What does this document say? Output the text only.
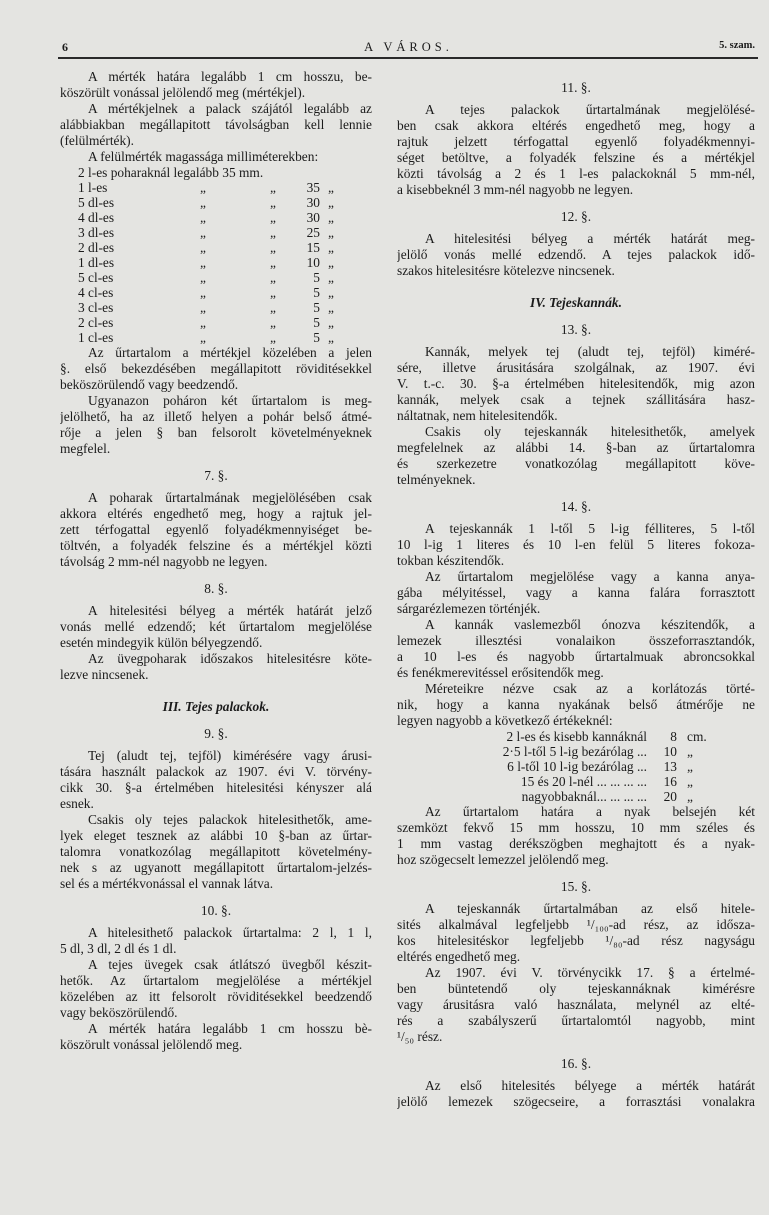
6	A VÁROS.	5. szam.
A mérték határa legalább 1 cm hosszu, be-
köszörült vonással jelölendő meg (mértékjel).
A mértékjelnek a palack szájától legalább az
alábbiakban megállapitott távolságban kell lennie
(felülmérték).
A felülmérték magassága milliméterekben:
2 l-es poharaknál legalább 35 mm.
1 l-es	„	„	35 „
5 dl-es	„	„	30 „
4 dl-es	„	„	30 „
3 dl-es	„	„	25 „
2 dl-es	„	„	15 „
1 dl-es	„	„	10 „
5 cl-es	„	„	5 „
4 cl-es	„	„	5 „
3 cl-es	„	„	5 „
2 cl-es	„	„	5 „
1 cl-es	„	„	5 „
Az űrtartalom a mértékjel közelében a jelen
§. első bekezdésében megállapitott röviditésekkel
beköszörülendő vagy beedzendő.
Ugyanazon poháron két űrtartalom is meg-
jelölhető, ha az illető helyen a pohár belső átmé-
rője a jelen § ban felsorolt követelményeknek
megfelel.
7. §.
A poharak űrtartalmának megjelölésében csak
akkora eltérés engedhető meg, hogy a rajtuk jel-
zett térfogattal egyenlő folyadékmennyiséget be-
töltvén, a folyadék felszine és a mértékjel közti
távolság 2 mm-nél nagyobb ne legyen.
8. §.
A hitelesitési bélyeg a mérték határát jelző
vonás mellé edzendő; két űrtartalom megjelölése
esetén mindegyik külön bélyegzendő.
Az üvegpoharak időszakos hitelesitésre köte-
lezve nincsenek.
III. Tejes palackok.
9. §.
Tej (aludt tej, tejföl) kimérésére vagy árusi-
tására használt palackok az 1907. évi V. törvény-
cikk 30. §-a értelmében hitelesitési kényszer alá
esnek.
Csakis oly tejes palackok hitelesithetők, ame-
lyek eleget tesznek az alábbi 10 §-ban az űrtar-
talomra vonatkozólag megállapitott követelmény-
nek s az ugyanott megállapitott űrtartalom-jelzés-
sel és a mértékvonással el vannak látva.
10. §.
A hitelesithető palackok űrtartalma: 2 l, 1 l,
5 dl, 3 dl, 2 dl és 1 dl.
A tejes üvegek csak átlátszó üvegből készit-
hetők. Az űrtartalom megjelölése a mértékjel
közelében az itt felsorolt röviditésekkel beedzendő
vagy beköszörülendő.
A mérték határa legalább 1 cm hosszu bè-
köszörult vonással jelölendő meg.
11. §.
A tejes palackok űrtartalmának megjelölésé-
ben csak akkora eltérés engedhető meg, hogy a
rajtuk jelzett térfogattal egyenlő folyadékmennyi-
séget betöltve, a folyadék felszine és a mértékjel
közti távolság a 2 és 1 l-es palackoknál 5 mm-nél,
a kisebbeknél 3 mm-nél nagyobb ne legyen.
12. §.
A hitelesitési bélyeg a mérték határát meg-
jelölő vonás mellé edzendő. A tejes palackok idő-
szakos hitelesitésre kötelezve nincsenek.
IV. Tejeskannák.
13. §.
Kannák, melyek tej (aludt tej, tejföl) kiméré-
sére, illetve árusitására szolgálnak, az 1907. évi
V. t.-c. 30. §-a értelmében hitelesitendők, mig azon
kannák, melyek csak a tejnek szállitására hasz-
náltatnak, nem hitelesitendők.
Csakis oly tejeskannák hitelesithetők, amelyek
megfelelnek az alábbi 14. §-ban az űrtartalomra
és szerkezetre vonatkozólag megállapitott köve-
telményeknek.
14. §.
A tejeskannák 1 l-től 5 l-ig félliteres, 5 l-től
10 l-ig 1 literes és 10 l-en felül 5 literes fokoza-
tokban készitendők.
Az űrtartalom megjelölése vagy a kanna anya-
gába mélyitéssel, vagy a kanna falára forrasztott
sárgarézlemezen történjék.
A kannák vaslemezből ónozva készitendők, a
lemezek illesztési vonalaikon összeforrasztandók,
a 10 l-es és nagyobb űrtartalmuak abroncsokkal
és fenékmerevitéssel erősitendők meg.
Méreteikre nézve csak az a korlátozás törté-
nik, hogy a kanna nyakának belső átmérője ne
legyen nagyobb a következő értékeknél:
2 l-es és kisebb kannáknál	8 cm.
2·5 l-től 5 l-ig bezárólag ...	10 „
6 l-től 10 l-ig bezárólag ...	13 „
15 és 20 l-nél ... ... ... ...	16 „
nagyobbaknál... ... ... ...	20 „
Az űrtartalom határa a nyak belsején két
szemközt fekvő 15 mm hosszu, 10 mm széles és
1 mm vastag derékszögben meghajtott és a nyak-
hoz szögecselt lemezzel jelölendő meg.
15. §.
A tejeskannák űrtartalmában az első hitele-
sités alkalmával legfeljebb ¹/₁₀₀-ad rész, az idősza-
kos hitelesitéskor legfeljebb ¹/₈₀-ad rész nagyságu
eltérés engedhető meg.
Az 1907. évi V. törvénycikk 17. § a értelmé-
ben büntetendő oly tejeskannáknak kimérésre
vagy árusitásra való használata, melynél az elté-
rés a szabályszerű űrtartalomtól nagyobb, mint
¹/₅₀ rész.
16. §.
Az első hitelesités bélyege a mérték határát
jelölő lemezek szögecseire, a forrasztási vonalakra
